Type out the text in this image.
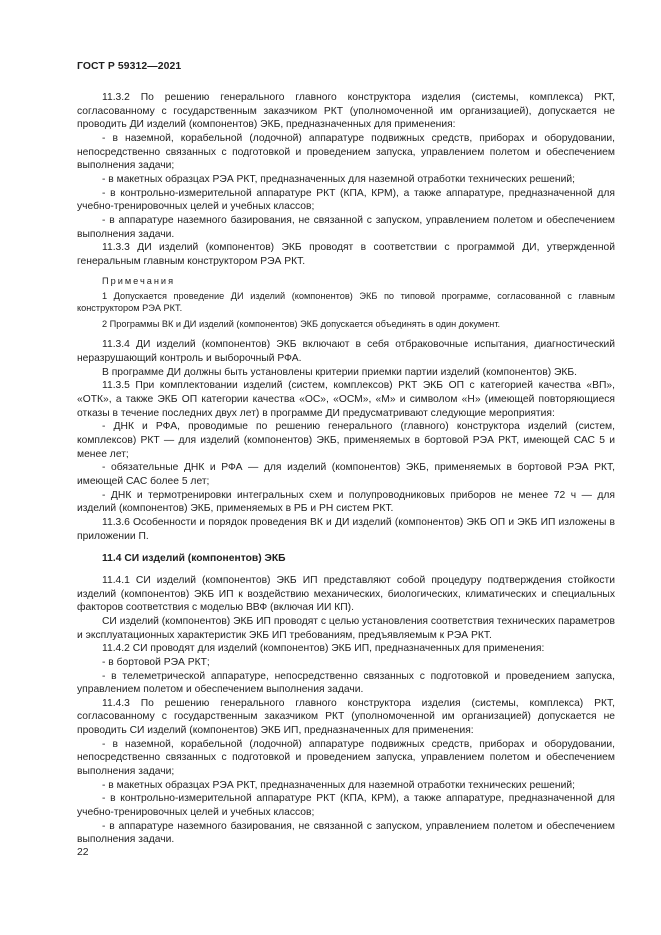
ГОСТ Р 59312—2021

11.3.2 По решению генерального главного конструктора изделия (системы, комплекса) РКТ, согласованному с государственным заказчиком РКТ (уполномоченной им организацией), допускается не проводить ДИ изделий (компонентов) ЭКБ, предназначенных для применения:

- в наземной, корабельной (лодочной) аппаратуре подвижных средств, приборах и оборудовании, непосредственно связанных с подготовкой и проведением запуска, управлением полетом и обеспечением выполнения задачи;

- в макетных образцах РЭА РКТ, предназначенных для наземной отработки технических решений;

- в контрольно-измерительной аппаратуре РКТ (КПА, КРМ), а также аппаратуре, предназначенной для учебно-тренировочных целей и учебных классов;

- в аппаратуре наземного базирования, не связанной с запуском, управлением полетом и обеспечением выполнения задачи.

11.3.3 ДИ изделий (компонентов) ЭКБ проводят в соответствии с программой ДИ, утвержденной генеральным главным конструктором РЭА РКТ.

Примечания

1 Допускается проведение ДИ изделий (компонентов) ЭКБ по типовой программе, согласованной с главным конструктором РЭА РКТ.

2 Программы ВК и ДИ изделий (компонентов) ЭКБ допускается объединять в один документ.

11.3.4 ДИ изделий (компонентов) ЭКБ включают в себя отбраковочные испытания, диагностический неразрушающий контроль и выборочный РФА.

В программе ДИ должны быть установлены критерии приемки партии изделий (компонентов) ЭКБ.

11.3.5 При комплектовании изделий (систем, комплексов) РКТ ЭКБ ОП с категорией качества «ВП», «ОТК», а также ЭКБ ОП категории качества «ОС», «ОСМ», «М» и символом «Н» (имеющей повторяющиеся отказы в течение последних двух лет) в программе ДИ предусматривают следующие мероприятия:

- ДНК и РФА, проводимые по решению генерального (главного) конструктора изделий (систем, комплексов) РКТ — для изделий (компонентов) ЭКБ, применяемых в бортовой РЭА РКТ, имеющей САС 5 и менее лет;

- обязательные ДНК и РФА — для изделий (компонентов) ЭКБ, применяемых в бортовой РЭА РКТ, имеющей САС более 5 лет;

- ДНК и термотренировки интегральных схем и полупроводниковых приборов не менее 72 ч — для изделий (компонентов) ЭКБ, применяемых в РБ и РН систем РКТ.

11.3.6 Особенности и порядок проведения ВК и ДИ изделий (компонентов) ЭКБ ОП и ЭКБ ИП изложены в приложении П.

11.4 СИ изделий (компонентов) ЭКБ

11.4.1 СИ изделий (компонентов) ЭКБ ИП представляют собой процедуру подтверждения стойкости изделий (компонентов) ЭКБ ИП к воздействию механических, биологических, климатических и специальных факторов соответствия с моделью ВВФ (включая ИИ КП).

СИ изделий (компонентов) ЭКБ ИП проводят с целью установления соответствия технических параметров и эксплуатационных характеристик ЭКБ ИП требованиям, предъявляемым к РЭА РКТ.

11.4.2 СИ проводят для изделий (компонентов) ЭКБ ИП, предназначенных для применения:

- в бортовой РЭА РКТ;

- в телеметрической аппаратуре, непосредственно связанных с подготовкой и проведением запуска, управлением полетом и обеспечением выполнения задачи.

11.4.3 По решению генерального главного конструктора изделия (системы, комплекса) РКТ, согласованному с государственным заказчиком РКТ (уполномоченной им организацией) допускается не проводить СИ изделий (компонентов) ЭКБ ИП, предназначенных для применения:

- в наземной, корабельной (лодочной) аппаратуре подвижных средств, приборах и оборудовании, непосредственно связанных с подготовкой и проведением запуска, управлением полетом и обеспечением выполнения задачи;

- в макетных образцах РЭА РКТ, предназначенных для наземной отработки технических решений;

- в контрольно-измерительной аппаратуре РКТ (КПА, КРМ), а также аппаратуре, предназначенной для учебно-тренировочных целей и учебных классов;

- в аппаратуре наземного базирования, не связанной с запуском, управлением полетом и обеспечением выполнения задачи.

22
